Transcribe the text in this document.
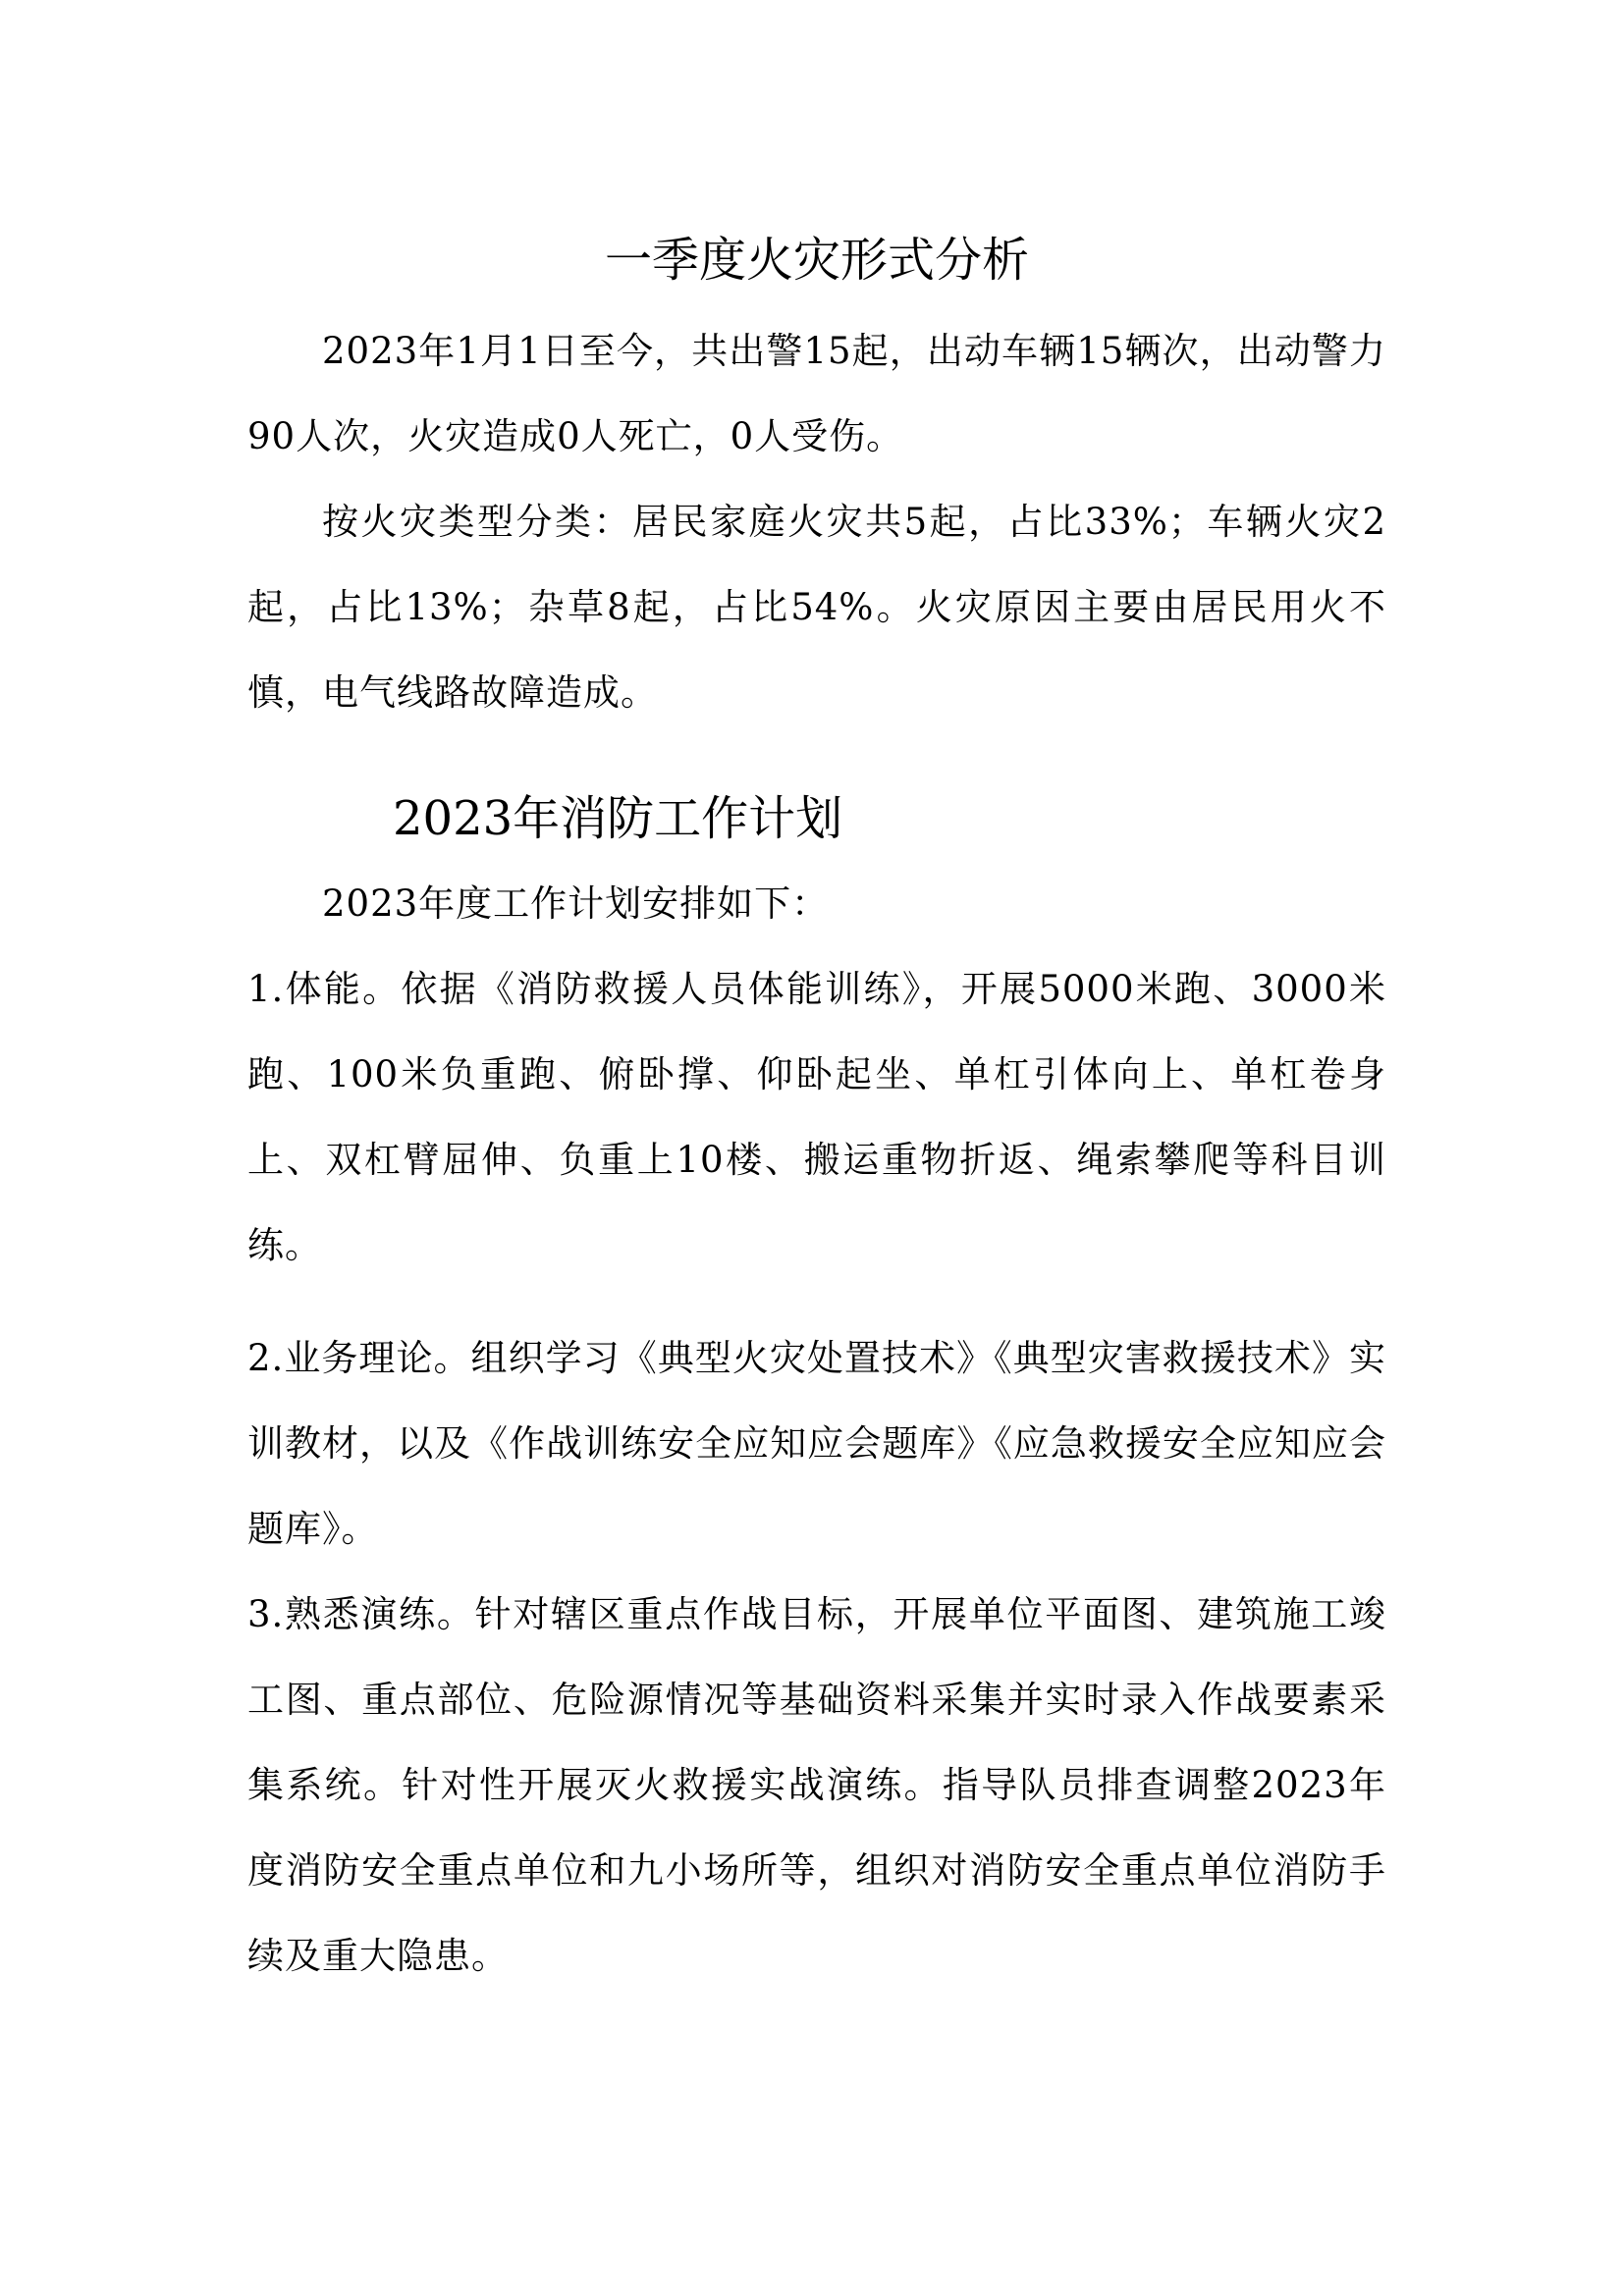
一季度火灾形式分析

2023年1月1日至今，共出警15起，出动车辆15辆次，出动警力90人次，火灾造成0人死亡，0人受伤。

按火灾类型分类：居民家庭火灾共5起，占比33%；车辆火灾2起，占比13%；杂草8起，占比54%。火灾原因主要由居民用火不慎，电气线路故障造成。

2023年消防工作计划

2023年度工作计划安排如下：

1.体能。依据《消防救援人员体能训练》，开展5000米跑、3000米跑、100米负重跑、俯卧撑、仰卧起坐、单杠引体向上、单杠卷身上、双杠臂屈伸、负重上10楼、搬运重物折返、绳索攀爬等科目训练。

2.业务理论。组织学习《典型火灾处置技术》《典型灾害救援技术》实训教材，以及《作战训练安全应知应会题库》《应急救援安全应知应会题库》。

3.熟悉演练。针对辖区重点作战目标，开展单位平面图、建筑施工竣工图、重点部位、危险源情况等基础资料采集并实时录入作战要素采集系统。针对性开展灭火救援实战演练。指导队员排查调整2023年度消防安全重点单位和九小场所等，组织对消防安全重点单位消防手续及重大隐患。
